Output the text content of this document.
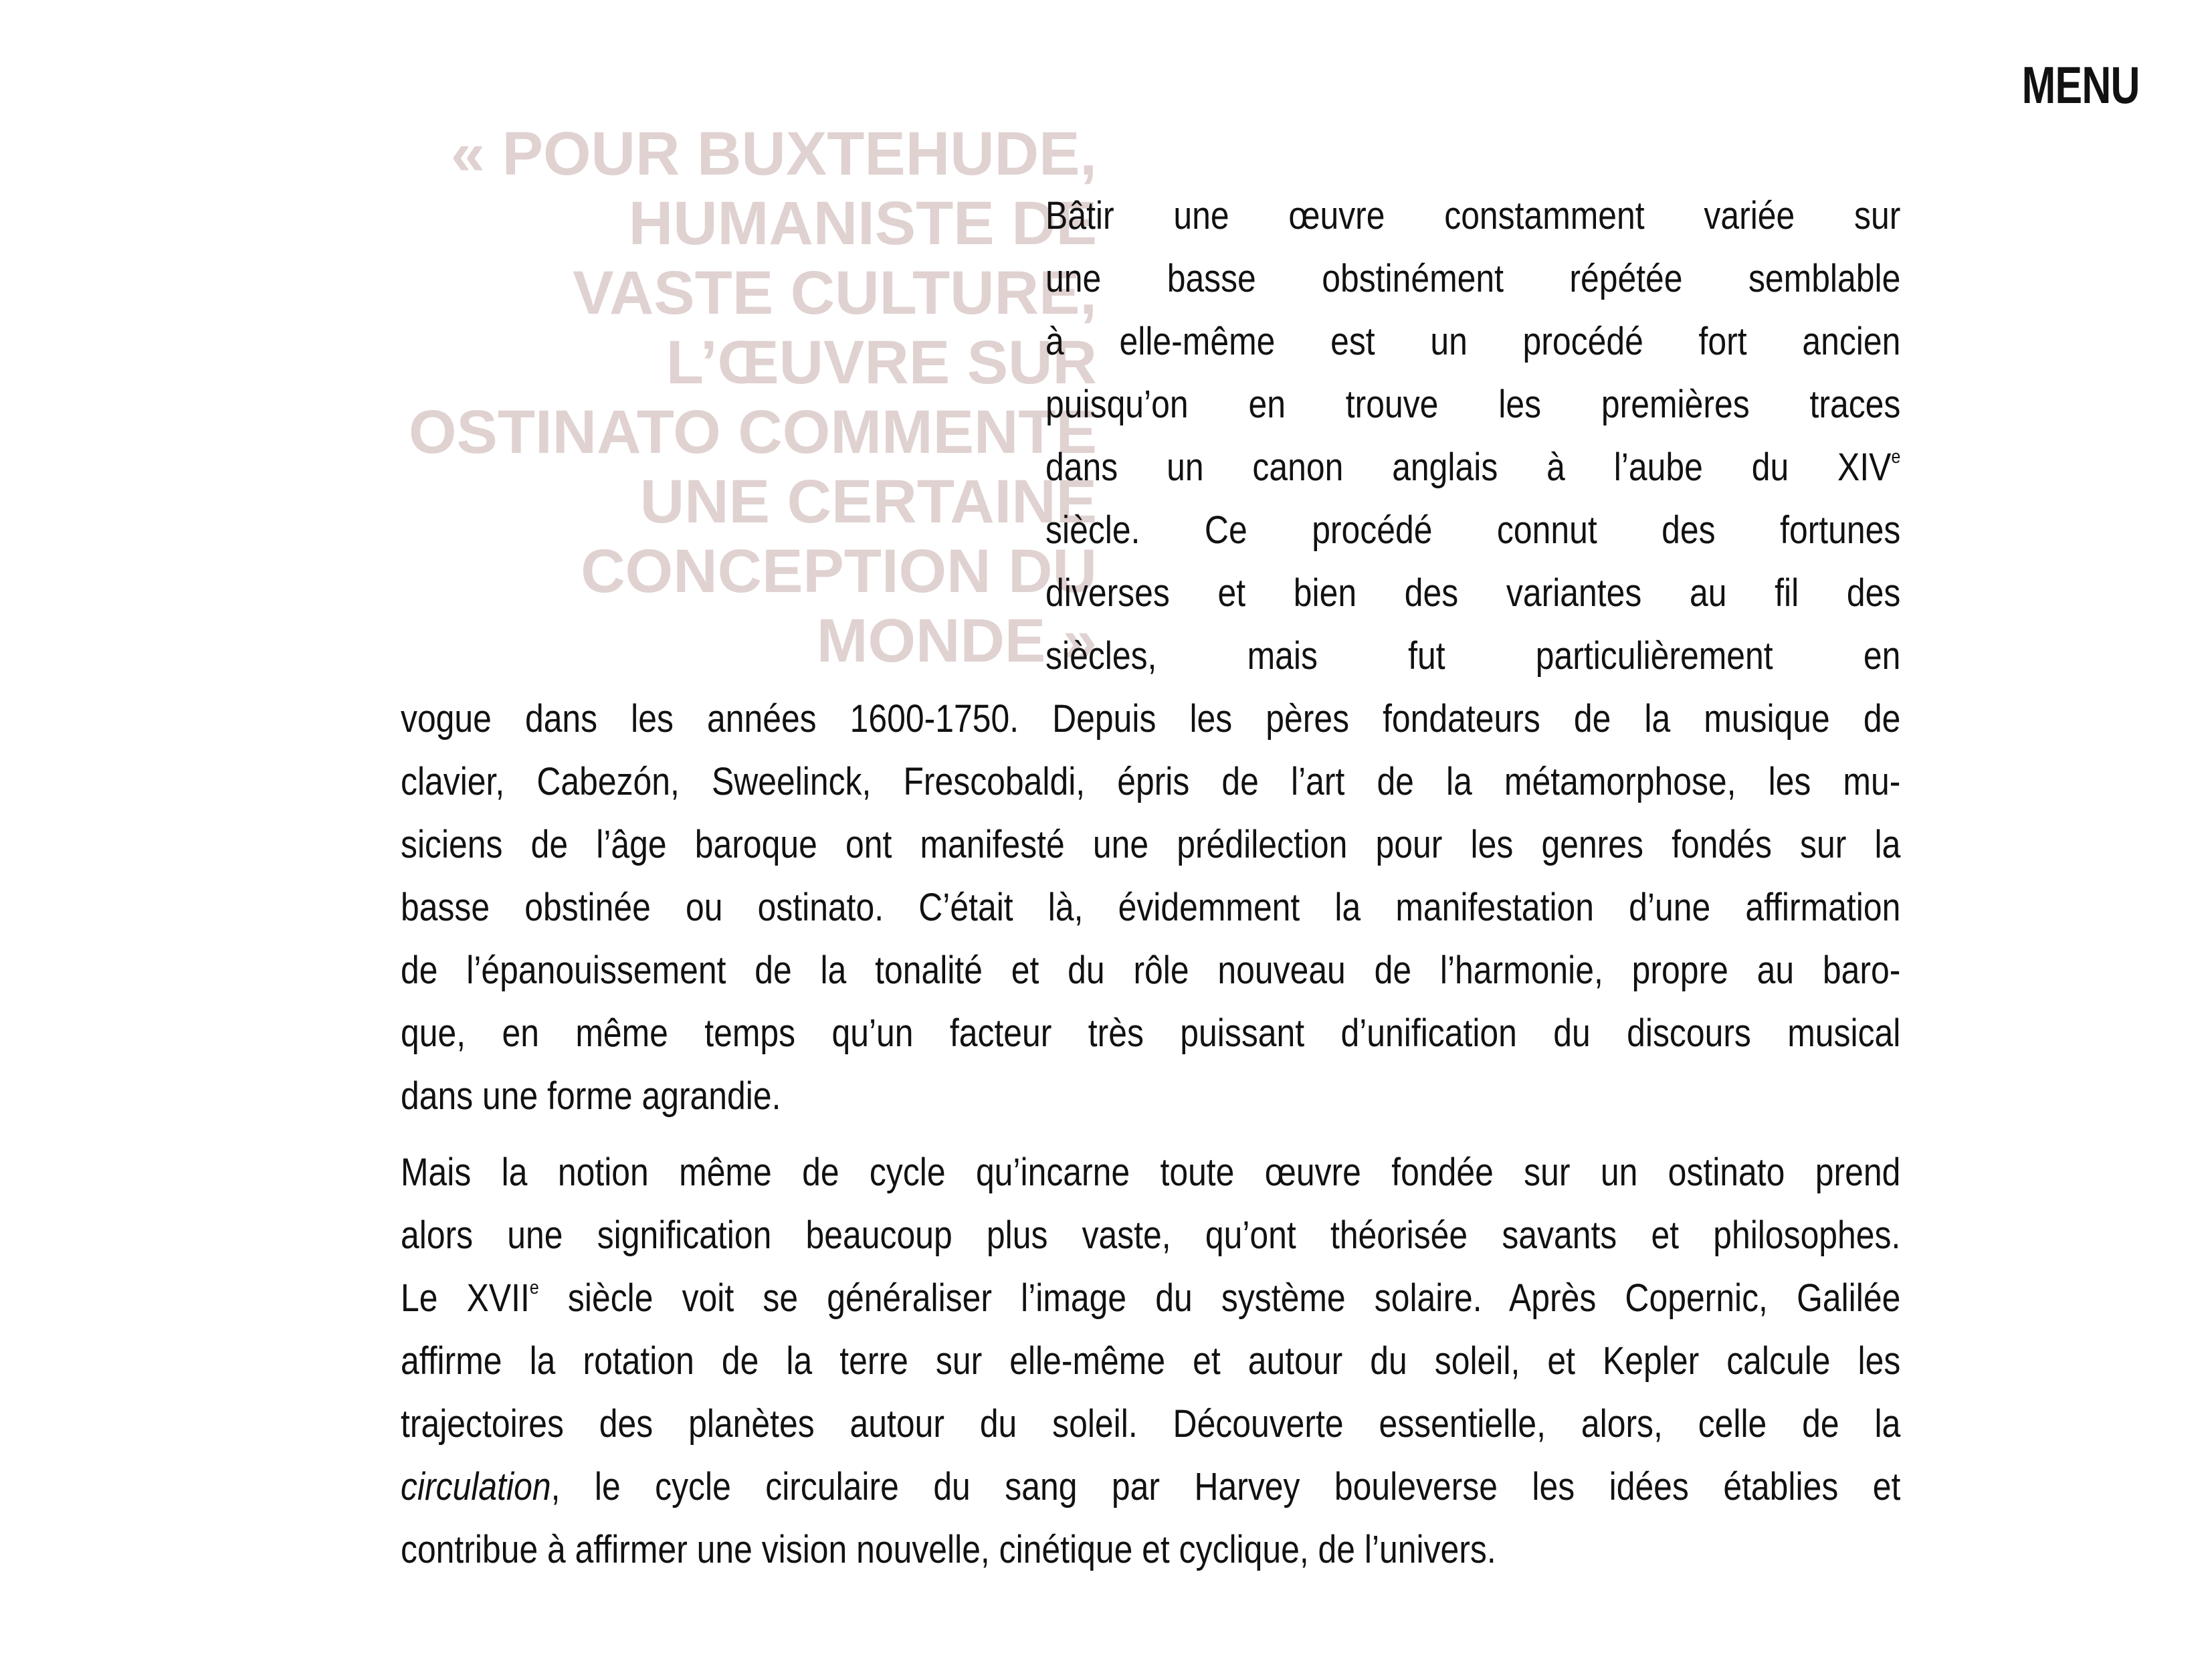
MENU
« POUR BUXTEHUDE,
HUMANISTE DE
VASTE CULTURE,
L’ŒUVRE SUR
OSTINATO COMMENTE
UNE CERTAINE
CONCEPTION DU
MONDE »

Bâtir une œuvre constamment variée sur
une basse obstinément répétée semblable
à elle-même est un procédé fort ancien
puisqu’on en trouve les premières traces
dans un canon anglais à l’aube du XIVe
siècle. Ce procédé connut des fortunes
diverses et bien des variantes au fil des
siècles, mais fut particulièrement en
vogue dans les années 1600-1750. Depuis les pères fondateurs de la musique de
clavier, Cabezón, Sweelinck, Frescobaldi, épris de l’art de la métamorphose, les mu-
siciens de l’âge baroque ont manifesté une prédilection pour les genres fondés sur la
basse obstinée ou ostinato. C’était là, évidemment la manifestation d’une affirmation
de l’épanouissement de la tonalité et du rôle nouveau de l’harmonie, propre au baro-
que, en même temps qu’un facteur très puissant d’unification du discours musical
dans une forme agrandie.

Mais la notion même de cycle qu’incarne toute œuvre fondée sur un ostinato prend
alors une signification beaucoup plus vaste, qu’ont théorisée savants et philosophes.
Le XVIIe siècle voit se généraliser l’image du système solaire. Après Copernic, Galilée
affirme la rotation de la terre sur elle-même et autour du soleil, et Kepler calcule les
trajectoires des planètes autour du soleil. Découverte essentielle, alors, celle de la
circulation, le cycle circulaire du sang par Harvey bouleverse les idées établies et
contribue à affirmer une vision nouvelle, cinétique et cyclique, de l’univers.
